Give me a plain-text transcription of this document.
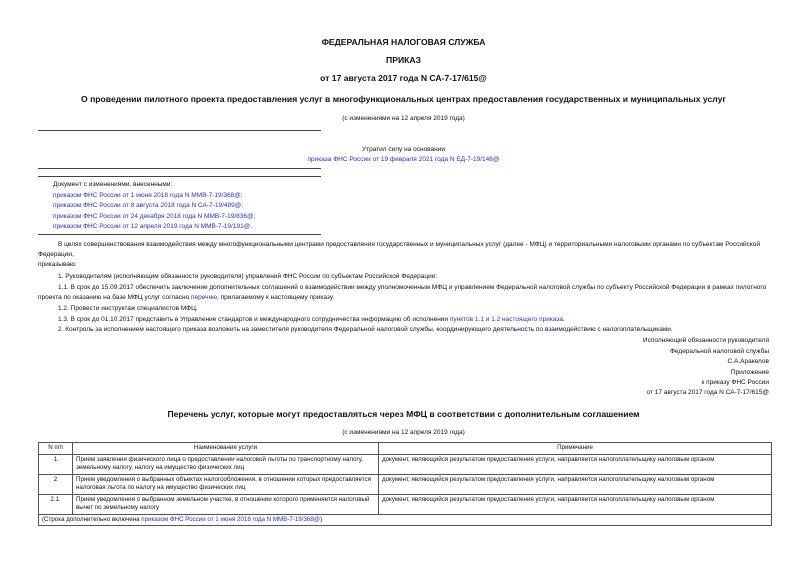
ФЕДЕРАЛЬНАЯ НАЛОГОВАЯ СЛУЖБА
ПРИКАЗ
от 17 августа 2017 года N СА-7-17/615@
О проведении пилотного проекта предоставления услуг в многофункциональных центрах предоставления государственных и муниципальных услуг
(с изменениями на 12 апреля 2019 года)
Утратил силу на основании
приказа ФНС России от 19 февраля 2021 года N ЕД-7-19/146@
Документ с изменениями, внесенными:
приказом ФНС России от 1 июня 2018 года N ММВ-7-19/368@;
приказом ФНС России от 8 августа 2018 года N СА-7-19/489@;
приказом ФНС России от 24 декабря 2018 года N ММВ-7-19/836@;
приказом ФНС России от 12 апреля 2019 года N ММВ-7-19/191@.
В целях совершенствования взаимодействия между многофункциональными центрами предоставления государственных и муниципальных услуг (далее - МФЦ) и территориальными налоговыми органами по субъектам Российской Федерации,
приказываю:
1. Руководителям (исполняющим обязанности руководителя) управлений ФНС России по субъектам Российской Федерации:
1.1. В срок до 15.09.2017 обеспечить заключение дополнительных соглашений о взаимодействии между уполномоченным МФЦ и управлением Федеральной налоговой службы по субъекту Российской Федерации в рамках пилотного проекта по оказанию на базе МФЦ услуг согласно перечню, прилагаемому к настоящему приказу.
1.2. Провести инструктаж специалистов МФЦ.
1.3. В срок до 01.10.2017 представить в Управление стандартов и международного сотрудничества информацию об исполнении пунктов 1.1 и 1.2 настоящего приказа.
2. Контроль за исполнением настоящего приказа возложить на заместителя руководителя Федеральной налоговой службы, координирующего деятельность по взаимодействию с налогоплательщиками.
Исполняющий обязанности руководителя
Федеральной налоговой службы
С.А.Аракелов
Приложение
к приказу ФНС России
от 17 августа 2017 года N СА-7-17/615@
Перечень услуг, которые могут предоставляться через МФЦ в соответствии с дополнительным соглашением
(с изменениями на 12 апреля 2019 года)
N п/п	Наименование услуги	Примечание
1	Прием заявления физического лица о предоставлении налоговой льготы по транспортному налогу, земельному налогу, налогу на имущество физических лиц	документ, являющийся результатом предоставления услуги, направляется налогоплательщику налоговым органом
2	Прием уведомления о выбранных объектах налогообложения, в отношении которых предоставляется налоговая льгота по налогу на имущество физических лиц	документ, являющийся результатом предоставления услуги, направляется налогоплательщику налоговым органом
2.1.	Прием уведомления о выбранном земельном участке, в отношении которого применяется налоговый вычет по земельному налогу	документ, являющийся результатом предоставления услуги, направляется налогоплательщику налоговым органом
(Строка дополнительно включена приказом ФНС России от 1 июня 2018 года N ММВ-7-19/368@)		
